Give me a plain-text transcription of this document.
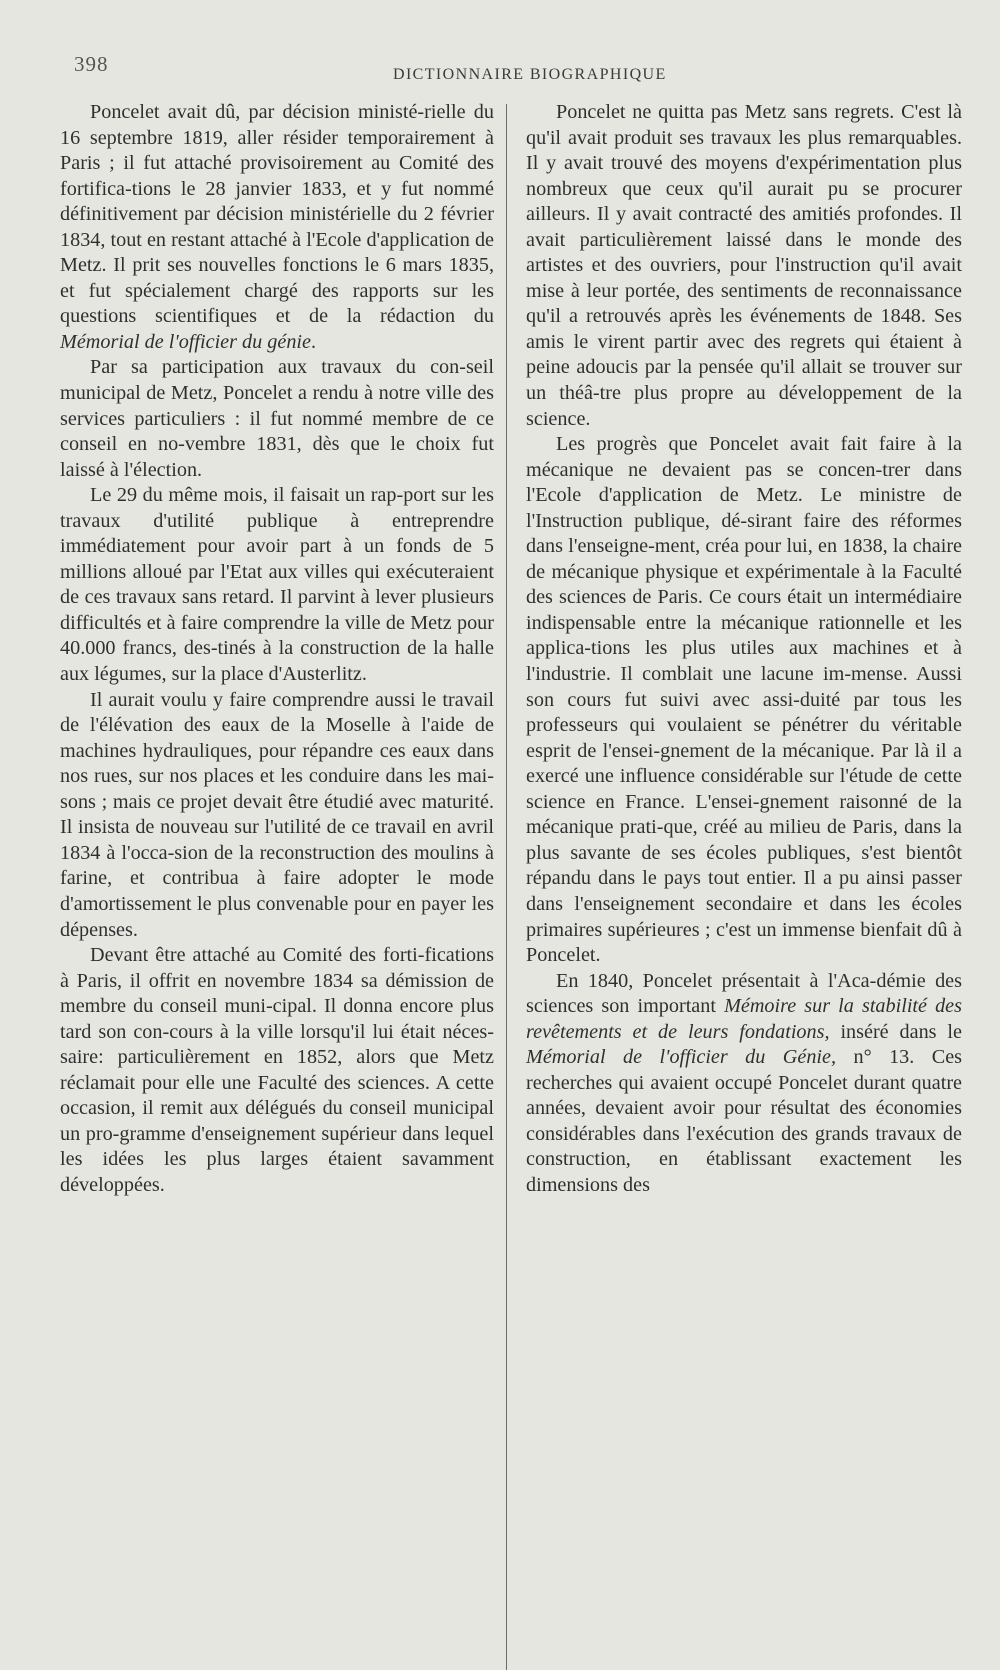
398	DICTIONNAIRE BIOGRAPHIQUE

Poncelet avait dû, par décision ministé-rielle du 16 septembre 1819, aller résider temporairement à Paris ; il fut attaché provisoirement au Comité des fortifica-tions le 28 janvier 1833, et y fut nommé définitivement par décision ministérielle du 2 février 1834, tout en restant attaché à l'Ecole d'application de Metz. Il prit ses nouvelles fonctions le 6 mars 1835, et fut spécialement chargé des rapports sur les questions scientifiques et de la rédaction du Mémorial de l'officier du génie.

Par sa participation aux travaux du con-seil municipal de Metz, Poncelet a rendu à notre ville des services particuliers : il fut nommé membre de ce conseil en no-vembre 1831, dès que le choix fut laissé à l'élection.

Le 29 du même mois, il faisait un rap-port sur les travaux d'utilité publique à entreprendre immédiatement pour avoir part à un fonds de 5 millions alloué par l'Etat aux villes qui exécuteraient de ces travaux sans retard. Il parvint à lever plusieurs difficultés et à faire comprendre la ville de Metz pour 40.000 francs, des-tinés à la construction de la halle aux légumes, sur la place d'Austerlitz.

Il aurait voulu y faire comprendre aussi le travail de l'élévation des eaux de la Moselle à l'aide de machines hydrauliques, pour répandre ces eaux dans nos rues, sur nos places et les conduire dans les mai-sons ; mais ce projet devait être étudié avec maturité. Il insista de nouveau sur l'utilité de ce travail en avril 1834 à l'occa-sion de la reconstruction des moulins à farine, et contribua à faire adopter le mode d'amortissement le plus convenable pour en payer les dépenses.

Devant être attaché au Comité des forti-fications à Paris, il offrit en novembre 1834 sa démission de membre du conseil muni-cipal. Il donna encore plus tard son con-cours à la ville lorsqu'il lui était néces-saire: particulièrement en 1852, alors que Metz réclamait pour elle une Faculté des sciences. A cette occasion, il remit aux délégués du conseil municipal un pro-gramme d'enseignement supérieur dans lequel les idées les plus larges étaient savamment développées.

Poncelet ne quitta pas Metz sans regrets. C'est là qu'il avait produit ses travaux les plus remarquables. Il y avait trouvé des moyens d'expérimentation plus nombreux que ceux qu'il aurait pu se procurer ailleurs. Il y avait contracté des amitiés profondes. Il avait particulièrement laissé dans le monde des artistes et des ouvriers, pour l'instruction qu'il avait mise à leur portée, des sentiments de reconnaissance qu'il a retrouvés après les événements de 1848. Ses amis le virent partir avec des regrets qui étaient à peine adoucis par la pensée qu'il allait se trouver sur un théâ-tre plus propre au développement de la science.

Les progrès que Poncelet avait fait faire à la mécanique ne devaient pas se concen-trer dans l'Ecole d'application de Metz. Le ministre de l'Instruction publique, dé-sirant faire des réformes dans l'enseigne-ment, créa pour lui, en 1838, la chaire de mécanique physique et expérimentale à la Faculté des sciences de Paris. Ce cours était un intermédiaire indispensable entre la mécanique rationnelle et les applica-tions les plus utiles aux machines et à l'industrie. Il comblait une lacune im-mense. Aussi son cours fut suivi avec assi-duité par tous les professeurs qui voulaient se pénétrer du véritable esprit de l'ensei-gnement de la mécanique. Par là il a exercé une influence considérable sur l'étude de cette science en France. L'ensei-gnement raisonné de la mécanique prati-que, créé au milieu de Paris, dans la plus savante de ses écoles publiques, s'est bientôt répandu dans le pays tout entier. Il a pu ainsi passer dans l'enseignement secondaire et dans les écoles primaires supérieures ; c'est un immense bienfait dû à Poncelet.

En 1840, Poncelet présentait à l'Aca-démie des sciences son important Mémoire sur la stabilité des revêtements et de leurs fondations, inséré dans le Mémorial de l'officier du Génie, n° 13. Ces recherches qui avaient occupé Poncelet durant quatre années, devaient avoir pour résultat des économies considérables dans l'exécution des grands travaux de construction, en établissant exactement les dimensions des
